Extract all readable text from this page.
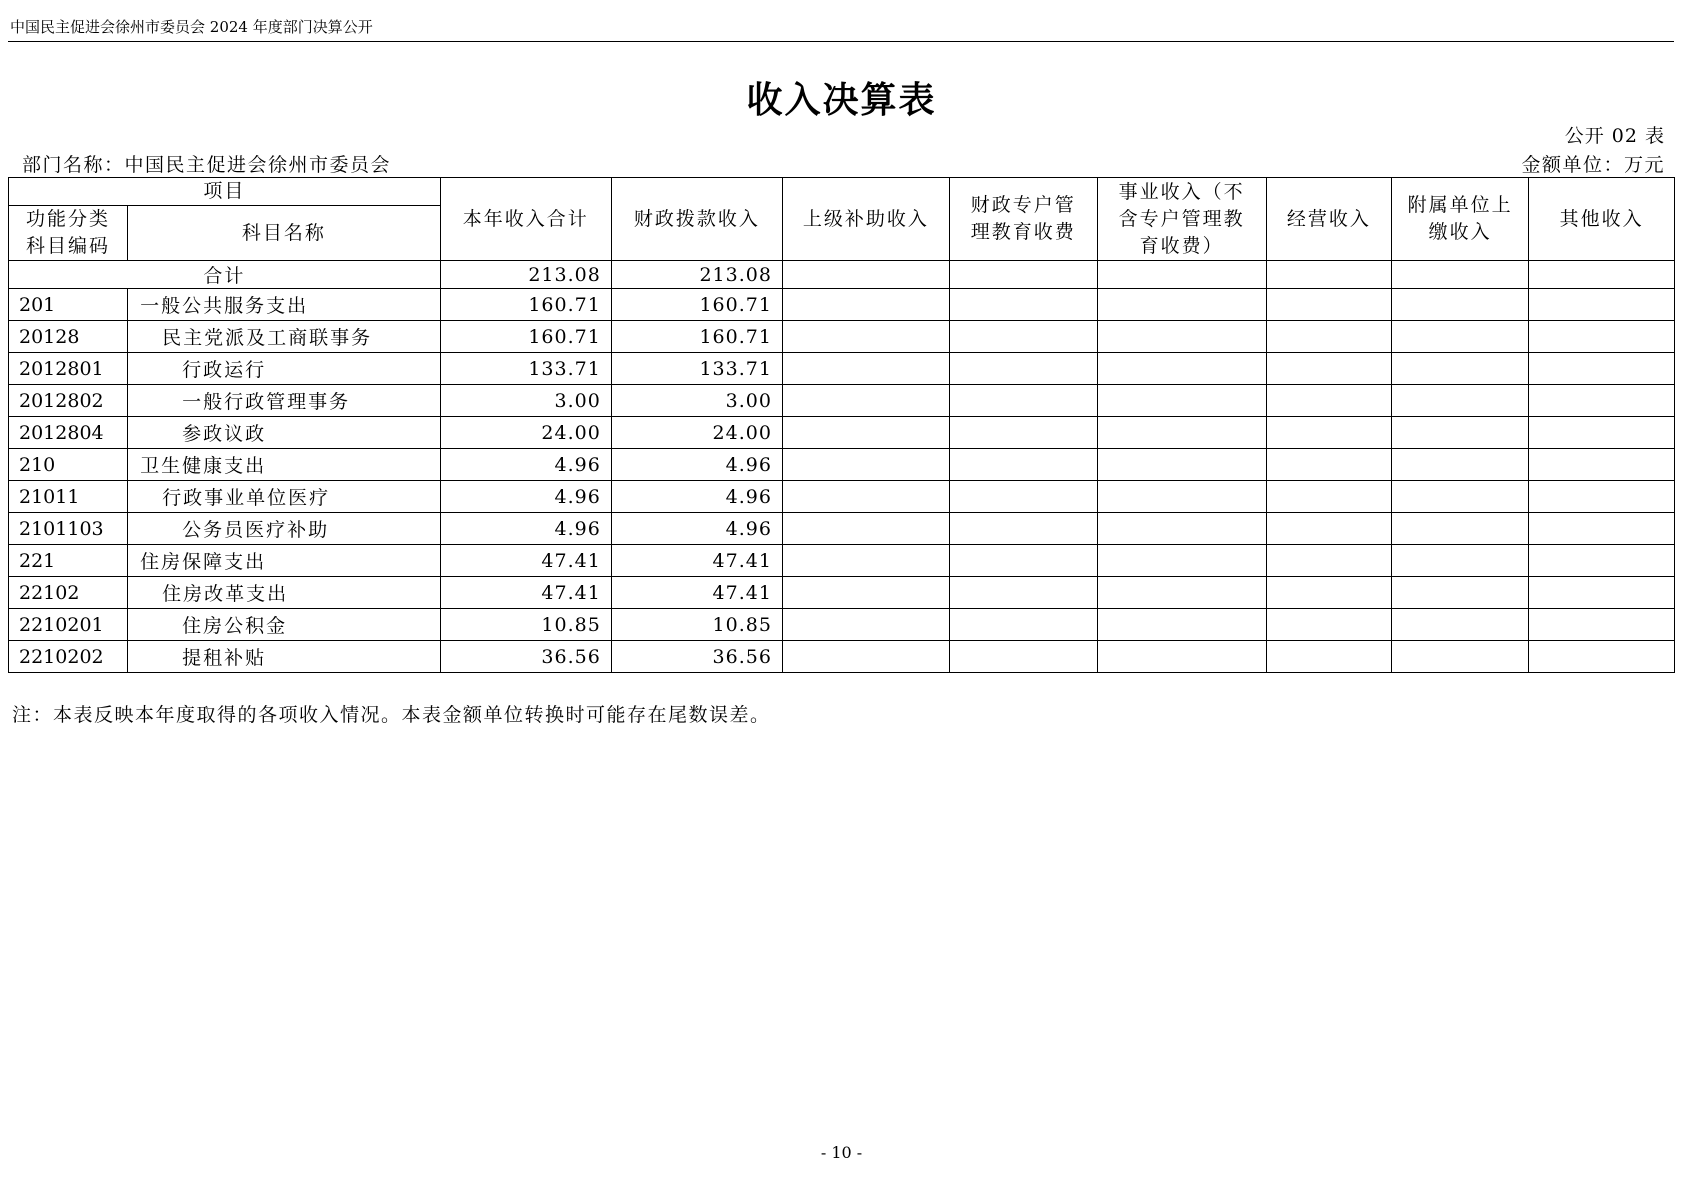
中国民主促进会徐州市委员会 2024 年度部门决算公开
收入决算表
公开 02 表
部门名称：中国民主促进会徐州市委员会	金额单位：万元
项目		本年收入合计	财政拨款收入	上级补助收入	财政专户管理教育收费	事业收入（不含专户管理教育收费）	经营收入	附属单位上缴收入	其他收入
功能分类科目编码	科目名称								
合计		213.08	213.08						
201	一般公共服务支出	160.71	160.71						
20128	民主党派及工商联事务	160.71	160.71						
2012801	行政运行	133.71	133.71						
2012802	一般行政管理事务	3.00	3.00						
2012804	参政议政	24.00	24.00						
210	卫生健康支出	4.96	4.96						
21011	行政事业单位医疗	4.96	4.96						
2101103	公务员医疗补助	4.96	4.96						
221	住房保障支出	47.41	47.41						
22102	住房改革支出	47.41	47.41						
2210201	住房公积金	10.85	10.85						
2210202	提租补贴	36.56	36.56						
注：本表反映本年度取得的各项收入情况。本表金额单位转换时可能存在尾数误差。
- 10 -
